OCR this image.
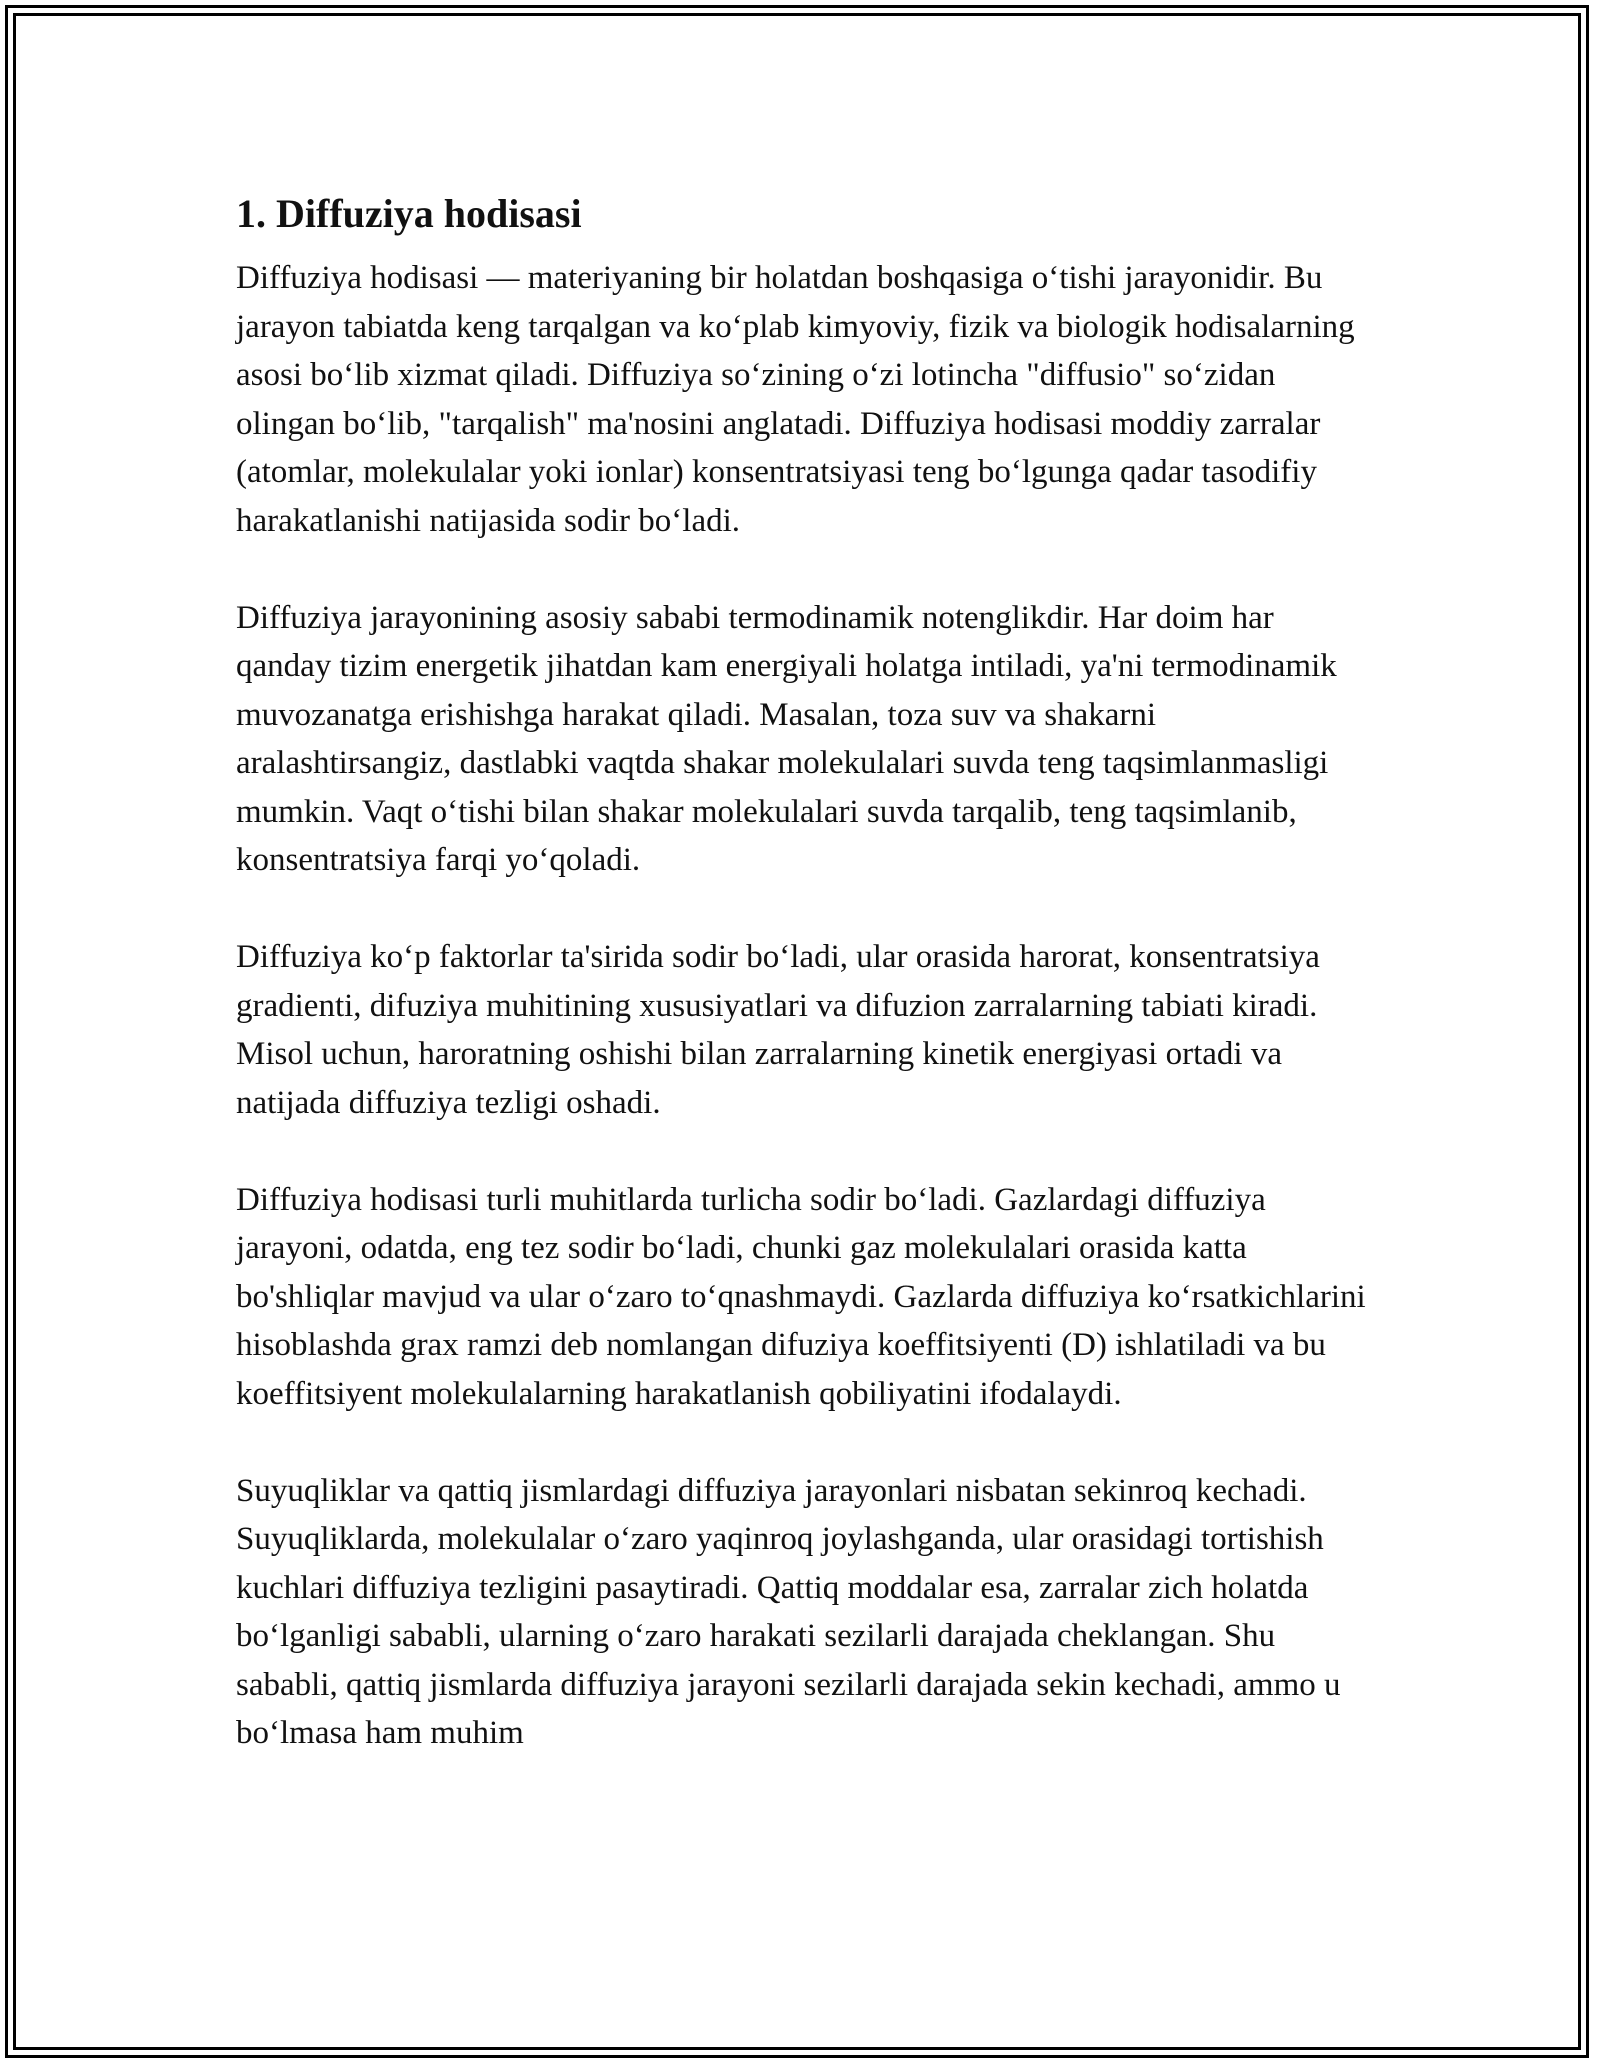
1. Diffuziya hodisasi

Diffuziya hodisasi — materiyaning bir holatdan boshqasiga oʻtishi jarayonidir. Bu jarayon tabiatda keng tarqalgan va koʻplab kimyoviy, fizik va biologik hodisalarning asosi boʻlib xizmat qiladi. Diffuziya soʻzining oʻzi lotincha "diffusio" soʻzidan olingan boʻlib, "tarqalish" ma'nosini anglatadi. Diffuziya hodisasi moddiy zarralar (atomlar, molekulalar yoki ionlar) konsentratsiyasi teng boʻlgunga qadar tasodifiy harakatlanishi natijasida sodir boʻladi.

Diffuziya jarayonining asosiy sababi termodinamik notenglikdir. Har doim har qanday tizim energetik jihatdan kam energiyali holatga intiladi, ya'ni termodinamik muvozanatga erishishga harakat qiladi. Masalan, toza suv va shakarni aralashtirsangiz, dastlabki vaqtda shakar molekulalari suvda teng taqsimlanmasligi mumkin. Vaqt oʻtishi bilan shakar molekulalari suvda tarqalib, teng taqsimlanib, konsentratsiya farqi yoʻqoladi.

Diffuziya koʻp faktorlar ta'sirida sodir boʻladi, ular orasida harorat, konsentratsiya gradienti, difuziya muhitining xususiyatlari va difuzion zarralarning tabiati kiradi. Misol uchun, haroratning oshishi bilan zarralarning kinetik energiyasi ortadi va natijada diffuziya tezligi oshadi.

Diffuziya hodisasi turli muhitlarda turlicha sodir boʻladi. Gazlardagi diffuziya jarayoni, odatda, eng tez sodir boʻladi, chunki gaz molekulalari orasida katta bo'shliqlar mavjud va ular oʻzaro toʻqnashmaydi. Gazlarda diffuziya koʻrsatkichlarini hisoblashda grax ramzi deb nomlangan difuziya koeffitsiyenti (D) ishlatiladi va bu koeffitsiyent molekulalarning harakatlanish qobiliyatini ifodalaydi.

Suyuqliklar va qattiq jismlardagi diffuziya jarayonlari nisbatan sekinroq kechadi. Suyuqliklarda, molekulalar oʻzaro yaqinroq joylashganda, ular orasidagi tortishish kuchlari diffuziya tezligini pasaytiradi. Qattiq moddalar esa, zarralar zich holatda boʻlganligi sababli, ularning oʻzaro harakati sezilarli darajada cheklangan. Shu sababli, qattiq jismlarda diffuziya jarayoni sezilarli darajada sekin kechadi, ammo u boʻlmasa ham muhim
